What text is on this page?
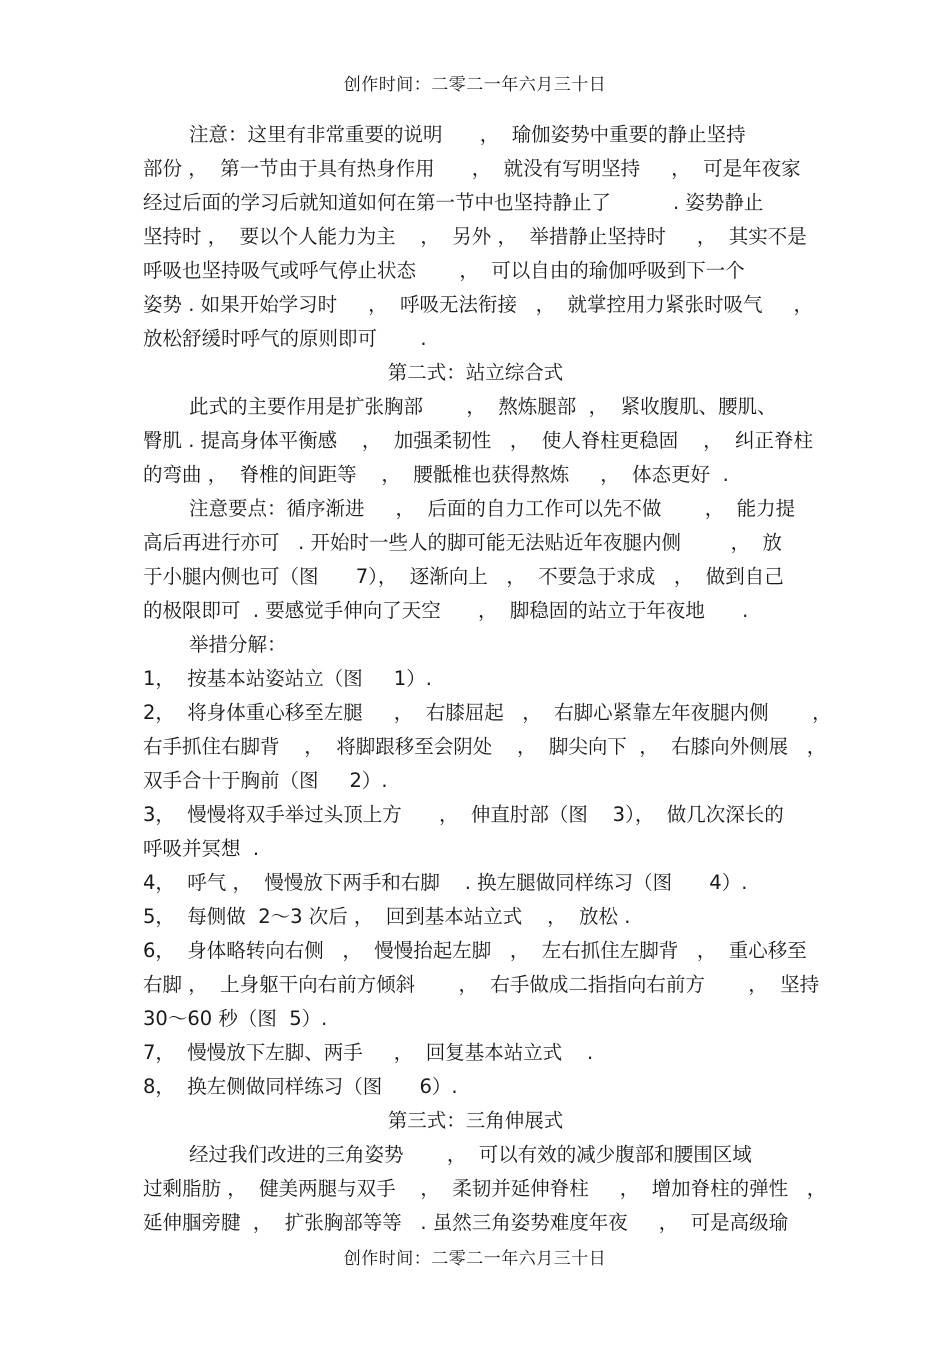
创作时间：二零二一年六月三十日
注意：这里有非常重要的说明      ，  瑜伽姿势中重要的静止坚持
部份 ，  第一节由于具有热身作用      ，  就没有写明坚持     ，  可是年夜家
经过后面的学习后就知道如何在第一节中也坚持静止了          . 姿势静止
坚持时 ，  要以个人能力为主    ，  另外 ，  举措静止坚持时     ，  其实不是
呼吸也坚持吸气或呼气停止状态       ，  可以自由的瑜伽呼吸到下一个
姿势 . 如果开始学习时     ，  呼吸无法衔接   ，  就掌控用力紧张时吸气     ，
放松舒缓时呼气的原则即可       .
第二式：站立综合式
此式的主要作用是扩张胸部       ，  熬炼腿部  ，  紧收腹肌、腰肌、
臀肌 . 提高身体平衡感    ，  加强柔韧性   ，  使人脊柱更稳固    ，  纠正脊柱
的弯曲 ，  脊椎的间距等    ，  腰骶椎也获得熬炼     ，  体态更好  .
注意要点：循序渐进     ，  后面的自力工作可以先不做       ，  能力提
高后再进行亦可   . 开始时一些人的脚可能无法贴近年夜腿内侧        ，  放
于小腿内侧也可（图      7），  逐渐向上   ，  不要急于求成   ，  做到自己
的极限即可  . 要感觉手伸向了天空      ，  脚稳固的站立于年夜地      .
举措分解：
1，  按基本站姿站立（图     1）.
2，  将身体重心移至左腿     ，  右膝屈起   ，  右脚心紧靠左年夜腿内侧       ，
右手抓住右脚背    ，  将脚跟移至会阴处    ，  脚尖向下  ，  右膝向外侧展   ，
双手合十于胸前（图     2）.
3，  慢慢将双手举过头顶上方      ，  伸直肘部（图    3），  做几次深长的
呼吸并冥想  .
4，  呼气 ，  慢慢放下两手和右脚    . 换左腿做同样练习（图      4）.
5，  每侧做  2～3 次后 ，  回到基本站立式    ，  放松 .
6，  身体略转向右侧   ，  慢慢抬起左脚   ，  左右抓住左脚背   ，  重心移至
右脚 ，  上身躯干向右前方倾斜       ，  右手做成二指指向右前方       ，  坚持
30～60 秒（图  5）.
7，  慢慢放下左脚、两手     ，  回复基本站立式    .
8，  换左侧做同样练习（图      6）.
第三式：三角伸展式
经过我们改进的三角姿势       ，  可以有效的减少腹部和腰围区域
过剩脂肪 ，  健美两腿与双手    ，  柔韧并延伸脊柱     ，  增加脊柱的弹性   ，
延伸腘旁腱  ，  扩张胸部等等   . 虽然三角姿势难度年夜     ，  可是高级瑜
创作时间：二零二一年六月三十日
